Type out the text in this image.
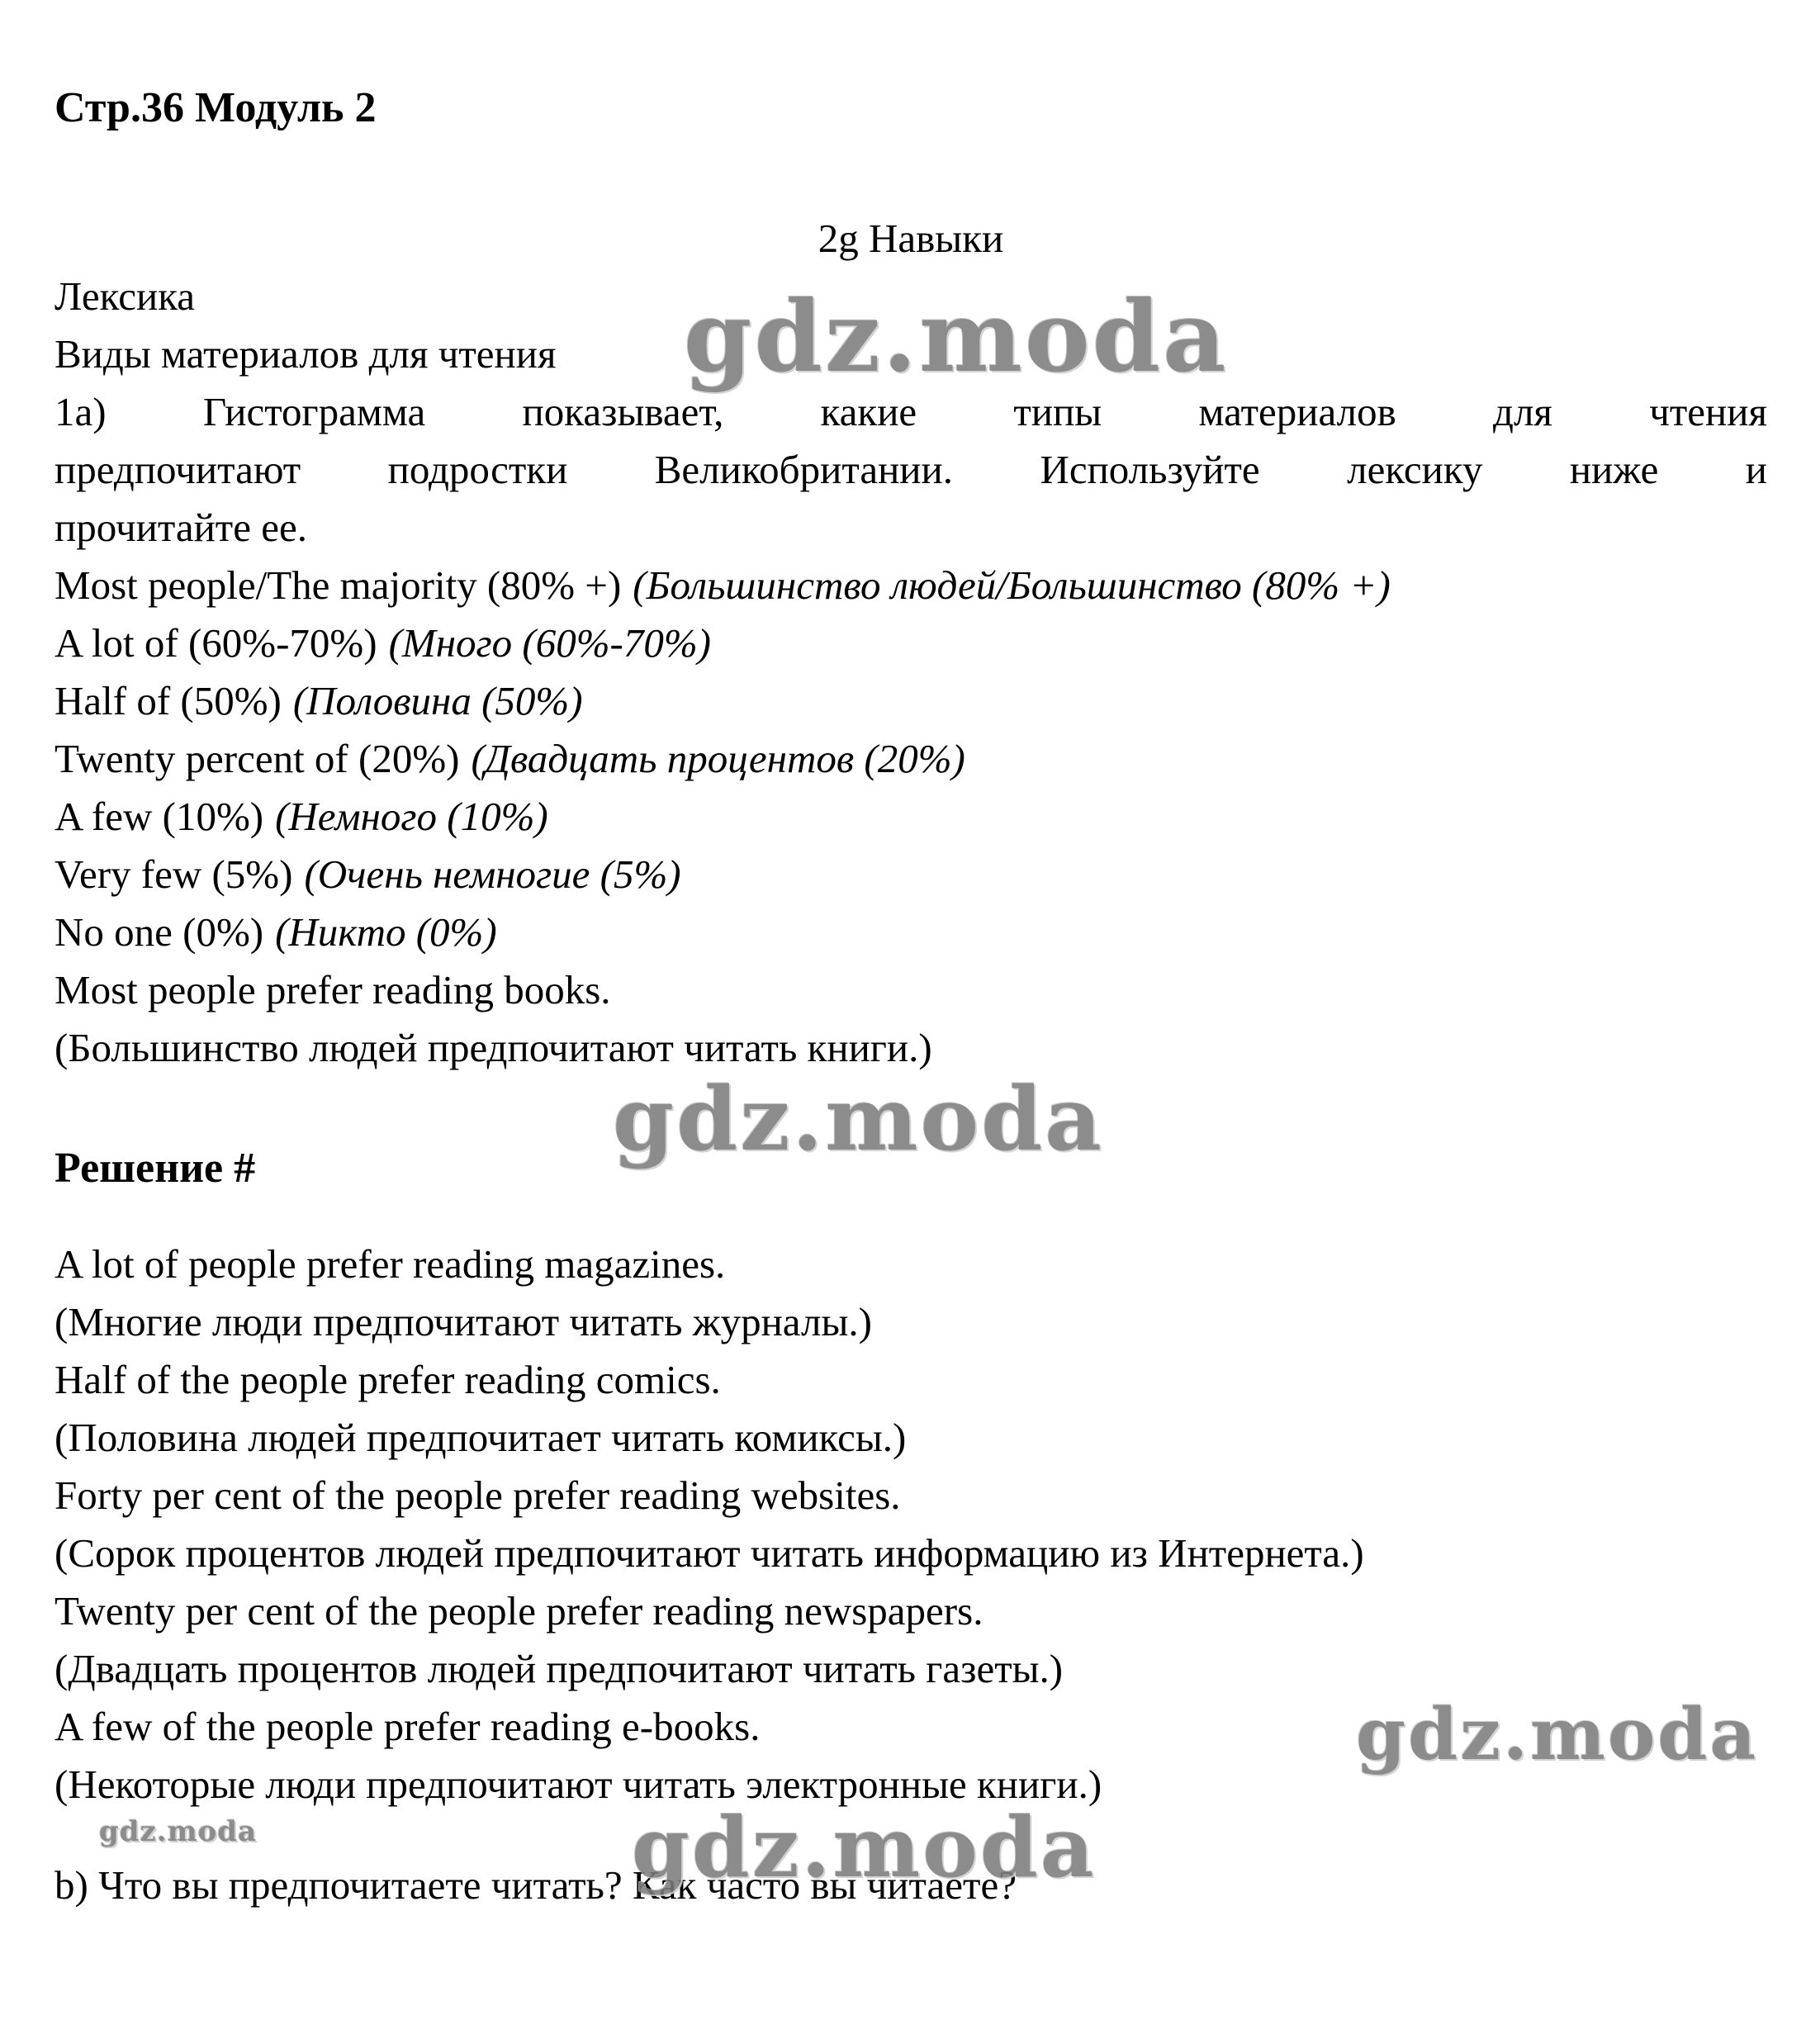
Стр.36 Модуль 2
2g Навыки
Лексика
Виды материалов для чтения
1а) Гистограмма показывает, какие типы материалов для чтения
предпочитают подростки Великобритании. Используйте лексику ниже и
прочитайте ее.
Most people/The majority (80% +) (Большинство людей/Большинство (80% +)
A lot of (60%-70%) (Много (60%-70%)
Half of (50%) (Половина (50%)
Twenty percent of (20%) (Двадцать процентов (20%)
A few (10%) (Немного (10%)
Very few (5%) (Очень немногие (5%)
No one (0%) (Никто (0%)
Most people prefer reading books.
(Большинство людей предпочитают читать книги.)
Решение #
A lot of people prefer reading magazines.
(Многие люди предпочитают читать журналы.)
Half of the people prefer reading comics.
(Половина людей предпочитает читать комиксы.)
Forty per cent of the people prefer reading websites.
(Сорок процентов людей предпочитают читать информацию из Интернета.)
Twenty per cent of the people prefer reading newspapers.
(Двадцать процентов людей предпочитают читать газеты.)
A few of the people prefer reading e-books.
(Некоторые люди предпочитают читать электронные книги.)
b) Что вы предпочитаете читать? Как часто вы читаете?
gdz.moda
gdz.moda
gdz.moda
gdz.moda	gdz.moda
